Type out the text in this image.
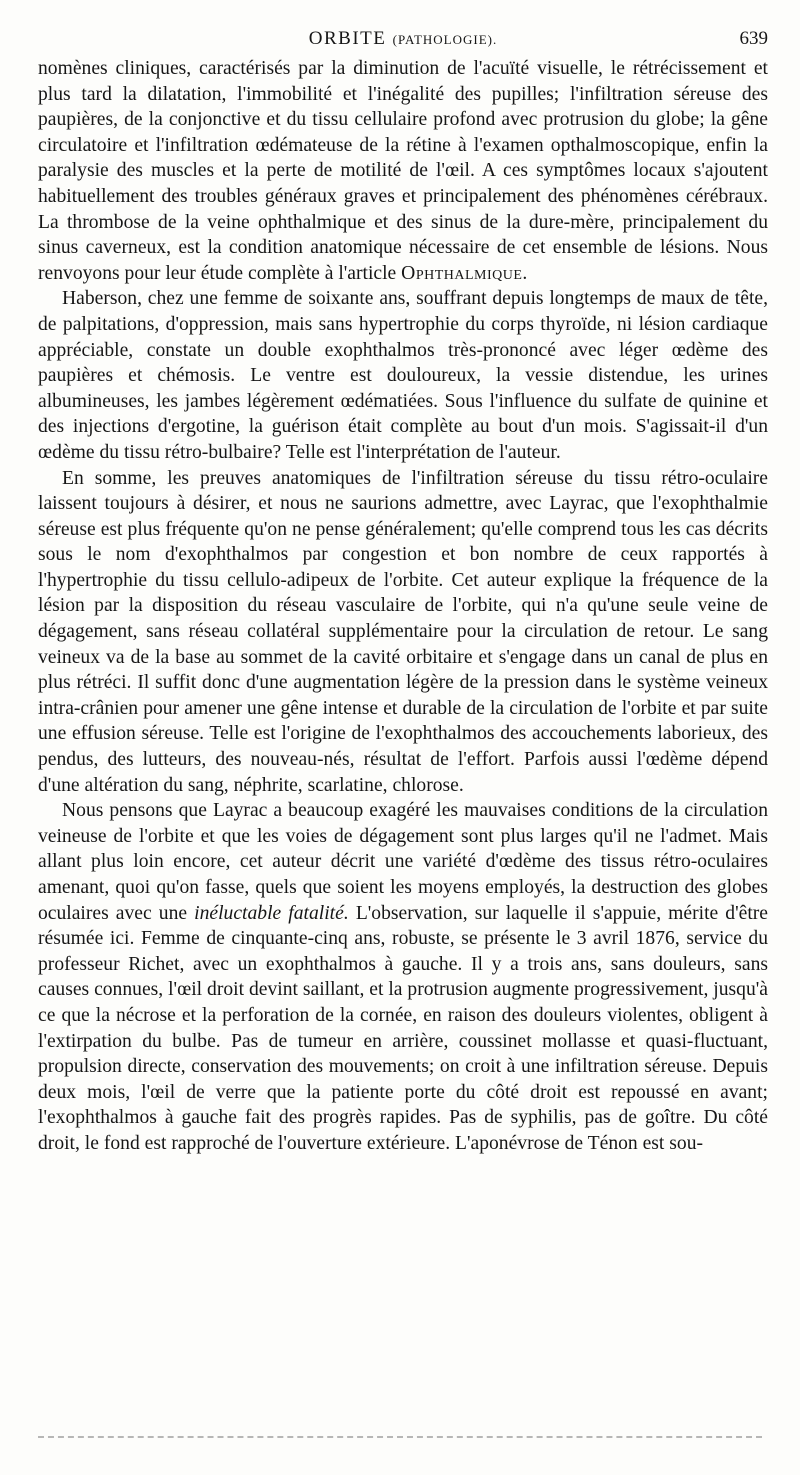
ORBITE (PATHOLOGIE).	639

nomènes cliniques, caractérisés par la diminution de l'acuïté visuelle, le rétrécissement et plus tard la dilatation, l'immobilité et l'inégalité des pupilles; l'infiltration séreuse des paupières, de la conjonctive et du tissu cellulaire profond avec protrusion du globe; la gêne circulatoire et l'infiltration œdémateuse de la rétine à l'examen opthalmoscopique, enfin la paralysie des muscles et la perte de motilité de l'œil. A ces symptômes locaux s'ajoutent habituellement des troubles généraux graves et principalement des phénomènes cérébraux. La thrombose de la veine ophthalmique et des sinus de la dure-mère, principalement du sinus caverneux, est la condition anatomique nécessaire de cet ensemble de lésions. Nous renvoyons pour leur étude complète à l'article Ophthalmique.

Haberson, chez une femme de soixante ans, souffrant depuis longtemps de maux de tête, de palpitations, d'oppression, mais sans hypertrophie du corps thyroïde, ni lésion cardiaque appréciable, constate un double exophthalmos très-prononcé avec léger œdème des paupières et chémosis. Le ventre est douloureux, la vessie distendue, les urines albumineuses, les jambes légèrement œdématiées. Sous l'influence du sulfate de quinine et des injections d'ergotine, la guérison était complète au bout d'un mois. S'agissait-il d'un œdème du tissu rétro-bulbaire? Telle est l'interprétation de l'auteur.

En somme, les preuves anatomiques de l'infiltration séreuse du tissu rétro-oculaire laissent toujours à désirer, et nous ne saurions admettre, avec Layrac, que l'exophthalmie séreuse est plus fréquente qu'on ne pense généralement; qu'elle comprend tous les cas décrits sous le nom d'exophthalmos par congestion et bon nombre de ceux rapportés à l'hypertrophie du tissu cellulo-adipeux de l'orbite. Cet auteur explique la fréquence de la lésion par la disposition du réseau vasculaire de l'orbite, qui n'a qu'une seule veine de dégagement, sans réseau collatéral supplémentaire pour la circulation de retour. Le sang veineux va de la base au sommet de la cavité orbitaire et s'engage dans un canal de plus en plus rétréci. Il suffit donc d'une augmentation légère de la pression dans le système veineux intra-crânien pour amener une gêne intense et durable de la circulation de l'orbite et par suite une effusion séreuse. Telle est l'origine de l'exophthalmos des accouchements laborieux, des pendus, des lutteurs, des nouveau-nés, résultat de l'effort. Parfois aussi l'œdème dépend d'une altération du sang, néphrite, scarlatine, chlorose.

Nous pensons que Layrac a beaucoup exagéré les mauvaises conditions de la circulation veineuse de l'orbite et que les voies de dégagement sont plus larges qu'il ne l'admet. Mais allant plus loin encore, cet auteur décrit une variété d'œdème des tissus rétro-oculaires amenant, quoi qu'on fasse, quels que soient les moyens employés, la destruction des globes oculaires avec une inéluctable fatalité. L'observation, sur laquelle il s'appuie, mérite d'être résumée ici. Femme de cinquante-cinq ans, robuste, se présente le 3 avril 1876, service du professeur Richet, avec un exophthalmos à gauche. Il y a trois ans, sans douleurs, sans causes connues, l'œil droit devint saillant, et la protrusion augmente progressivement, jusqu'à ce que la nécrose et la perforation de la cornée, en raison des douleurs violentes, obligent à l'extirpation du bulbe. Pas de tumeur en arrière, coussinet mollasse et quasi-fluctuant, propulsion directe, conservation des mouvements; on croit à une infiltration séreuse. Depuis deux mois, l'œil de verre que la patiente porte du côté droit est repoussé en avant; l'exophthalmos à gauche fait des progrès rapides. Pas de syphilis, pas de goître. Du côté droit, le fond est rapproché de l'ouverture extérieure. L'aponévrose de Ténon est sou-
